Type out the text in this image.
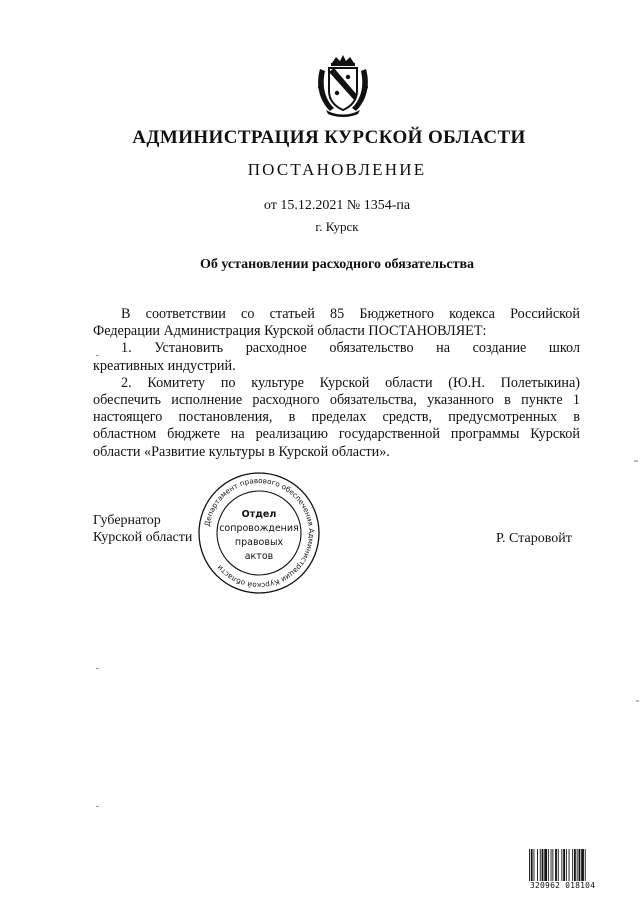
АДМИНИСТРАЦИЯ КУРСКОЙ ОБЛАСТИ
ПОСТАНОВЛЕНИЕ
от 15.12.2021 № 1354-па
г. Курск
Об установлении расходного обязательства

В соответствии со статьей 85 Бюджетного кодекса Российской

Федерации Администрация Курской области ПОСТАНОВЛЯЕТ:

1. Установить расходное обязательство на создание школ

креативных индустрий.

2. Комитету по культуре Курской области (Ю.Н. Полетыкина)

обеспечить исполнение расходного обязательства, указанного в пункте 1

настоящего постановления, в пределах средств, предусмотренных в

областном бюджете на реализацию государственной программы Курской

области «Развитие культуры в Курской области».

Губернатор
Курской области	Р. Старовойт
Департамент правового обеспечения Администрации Курской области
Отдел
сопровождения
правовых
актов
320962 018104
